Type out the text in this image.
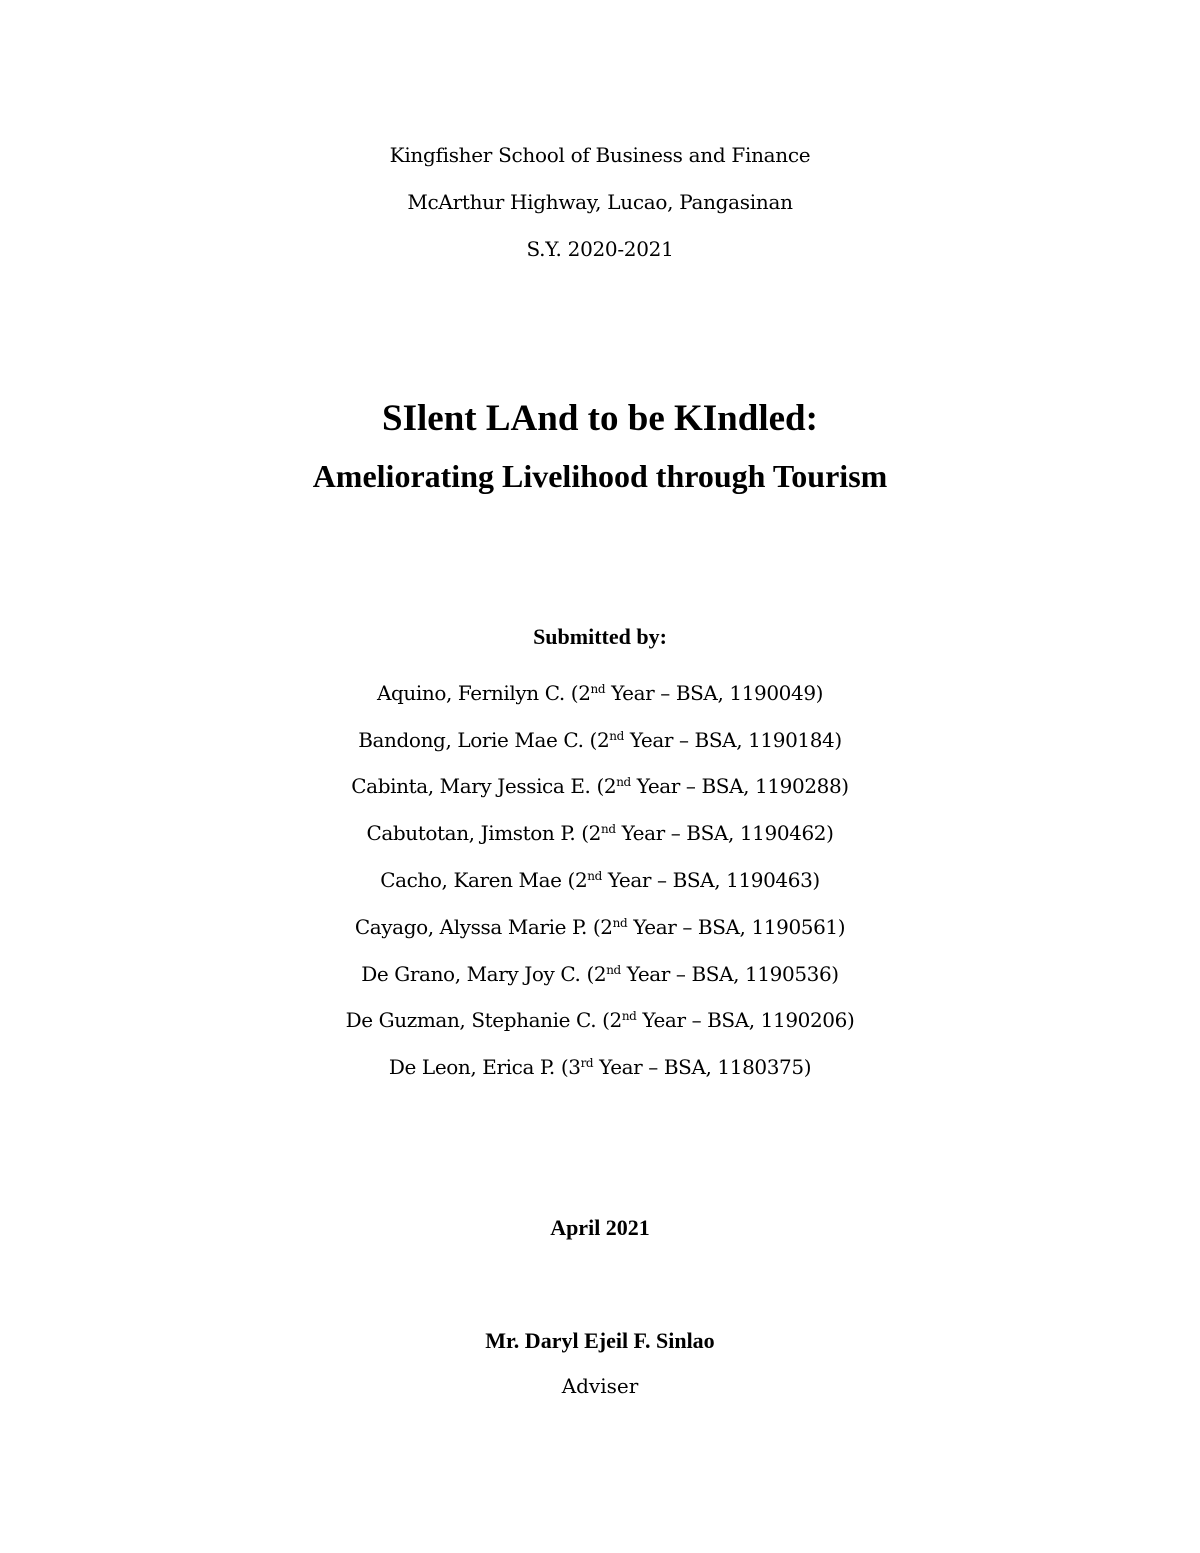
Kingfisher School of Business and Finance
McArthur Highway, Lucao, Pangasinan
S.Y. 2020-2021
SIlent LAnd to be KIndled:
Ameliorating Livelihood through Tourism
Submitted by:
Aquino, Fernilyn C. (2nd Year – BSA, 1190049)
Bandong, Lorie Mae C. (2nd Year – BSA, 1190184)
Cabinta, Mary Jessica E. (2nd Year – BSA, 1190288)
Cabutotan, Jimston P. (2nd Year – BSA, 1190462)
Cacho, Karen Mae (2nd Year – BSA, 1190463)
Cayago, Alyssa Marie P. (2nd Year – BSA, 1190561)
De Grano, Mary Joy C. (2nd Year – BSA, 1190536)
De Guzman, Stephanie C. (2nd Year – BSA, 1190206)
De Leon, Erica P. (3rd Year – BSA, 1180375)
April 2021
Mr. Daryl Ejeil F. Sinlao
Adviser
